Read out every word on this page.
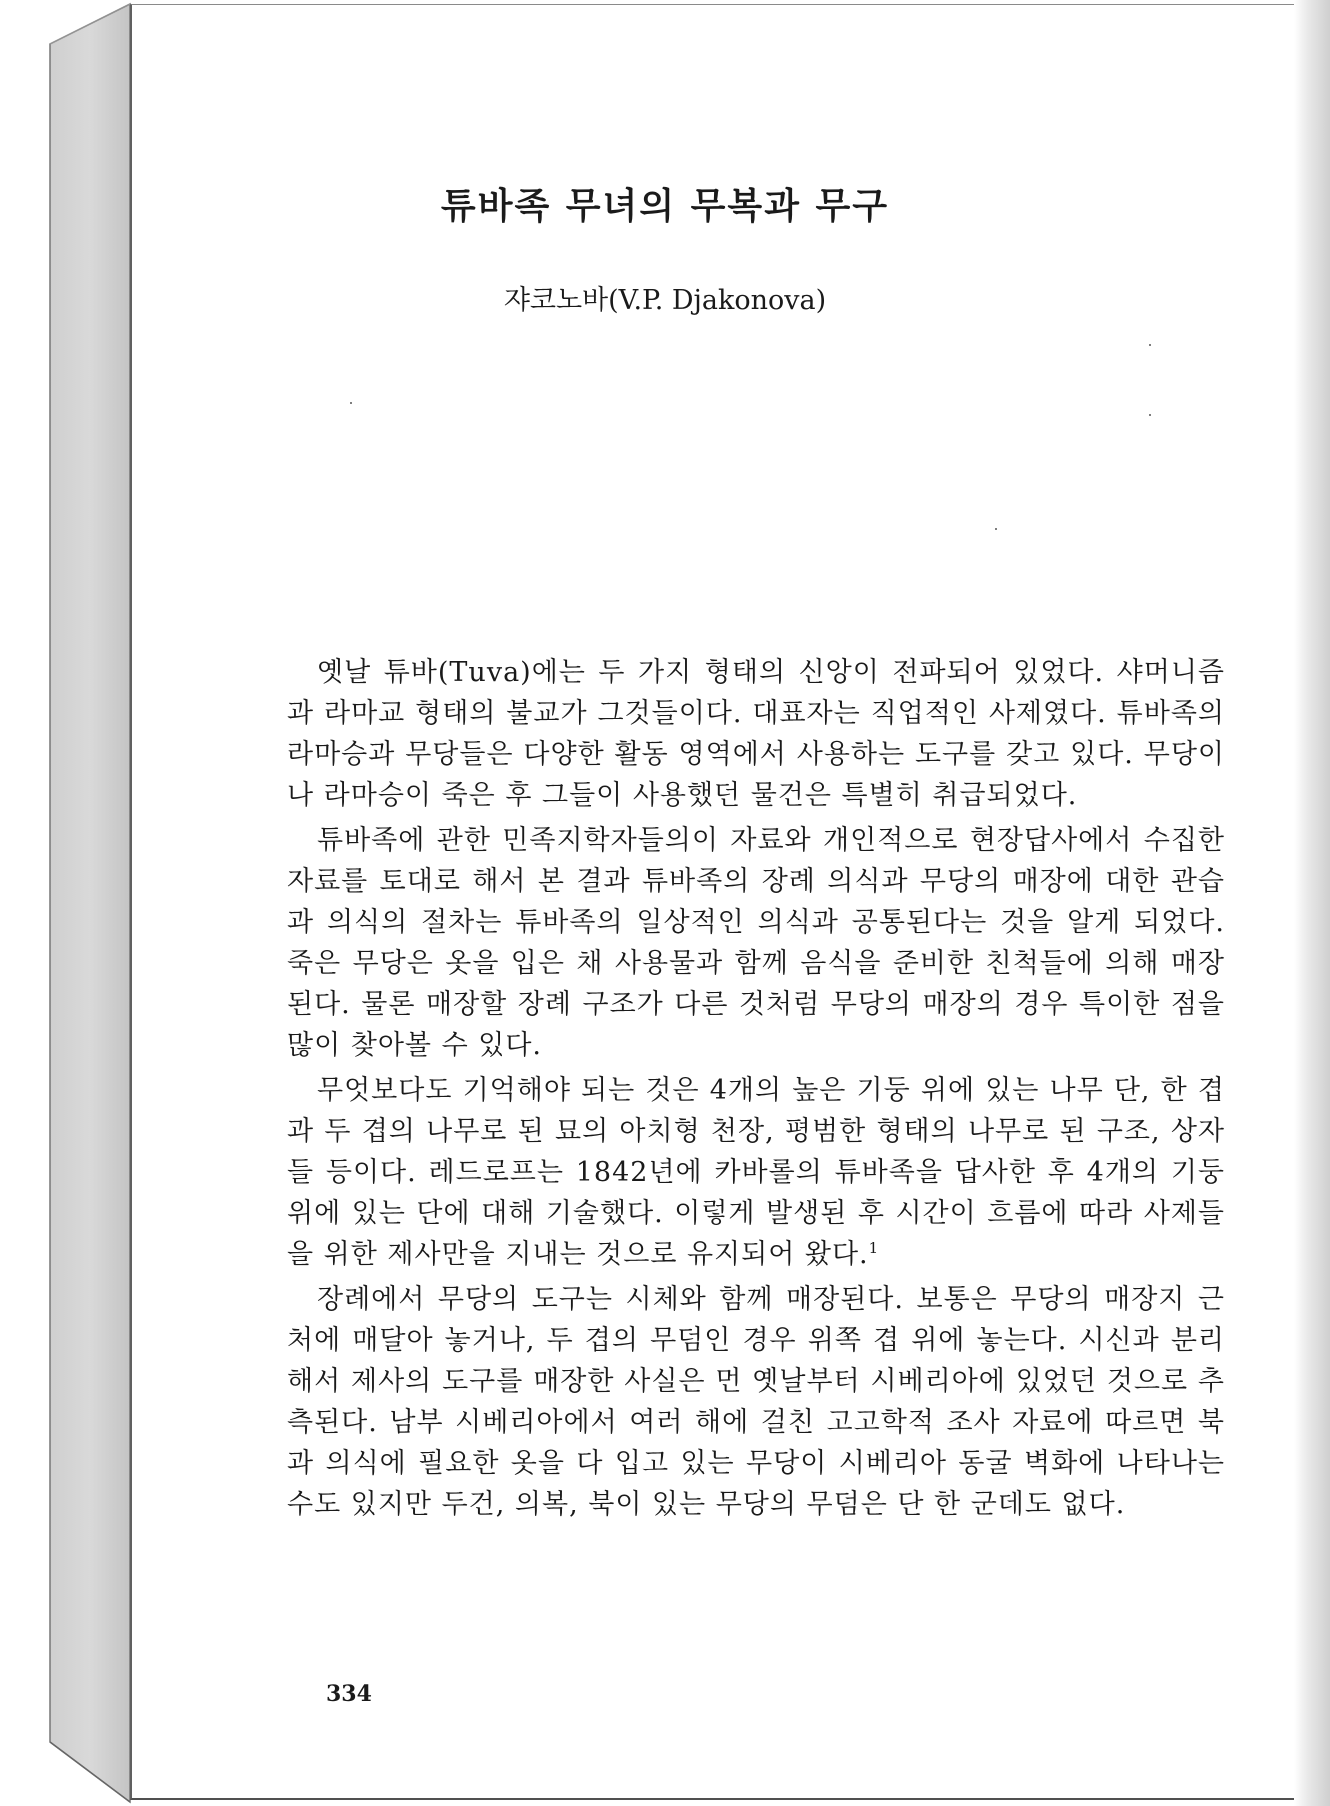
튜바족 무녀의 무복과 무구

쟈코노바(V.P. Djakonova)

옛날 튜바(Tuva)에는 두 가지 형태의 신앙이 전파되어 있었다. 샤머니즘과 라마교 형태의 불교가 그것들이다. 대표자는 직업적인 사제였다. 튜바족의 라마승과 무당들은 다양한 활동 영역에서 사용하는 도구를 갖고 있다. 무당이나 라마승이 죽은 후 그들이 사용했던 물건은 특별히 취급되었다.

튜바족에 관한 민족지학자들의이 자료와 개인적으로 현장답사에서 수집한 자료를 토대로 해서 본 결과 튜바족의 장례 의식과 무당의 매장에 대한 관습과 의식의 절차는 튜바족의 일상적인 의식과 공통된다는 것을 알게 되었다. 죽은 무당은 옷을 입은 채 사용물과 함께 음식을 준비한 친척들에 의해 매장된다. 물론 매장할 장례 구조가 다른 것처럼 무당의 매장의 경우 특이한 점을 많이 찾아볼 수 있다.

무엇보다도 기억해야 되는 것은 4개의 높은 기둥 위에 있는 나무 단, 한 겹과 두 겹의 나무로 된 묘의 아치형 천장, 평범한 형태의 나무로 된 구조, 상자들 등이다. 레드로프는 1842년에 카바롤의 튜바족을 답사한 후 4개의 기둥 위에 있는 단에 대해 기술했다. 이렇게 발생된 후 시간이 흐름에 따라 사제들을 위한 제사만을 지내는 것으로 유지되어 왔다.$^1$

장례에서 무당의 도구는 시체와 함께 매장된다. 보통은 무당의 매장지 근처에 매달아 놓거나, 두 겹의 무덤인 경우 위쪽 겹 위에 놓는다. 시신과 분리해서 제사의 도구를 매장한 사실은 먼 옛날부터 시베리아에 있었던 것으로 추측된다. 남부 시베리아에서 여러 해에 걸친 고고학적 조사 자료에 따르면 북과 의식에 필요한 옷을 다 입고 있는 무당이 시베리아 동굴 벽화에 나타나는 수도 있지만 두건, 의복, 북이 있는 무당의 무덤은 단 한 군데도 없다.

334
